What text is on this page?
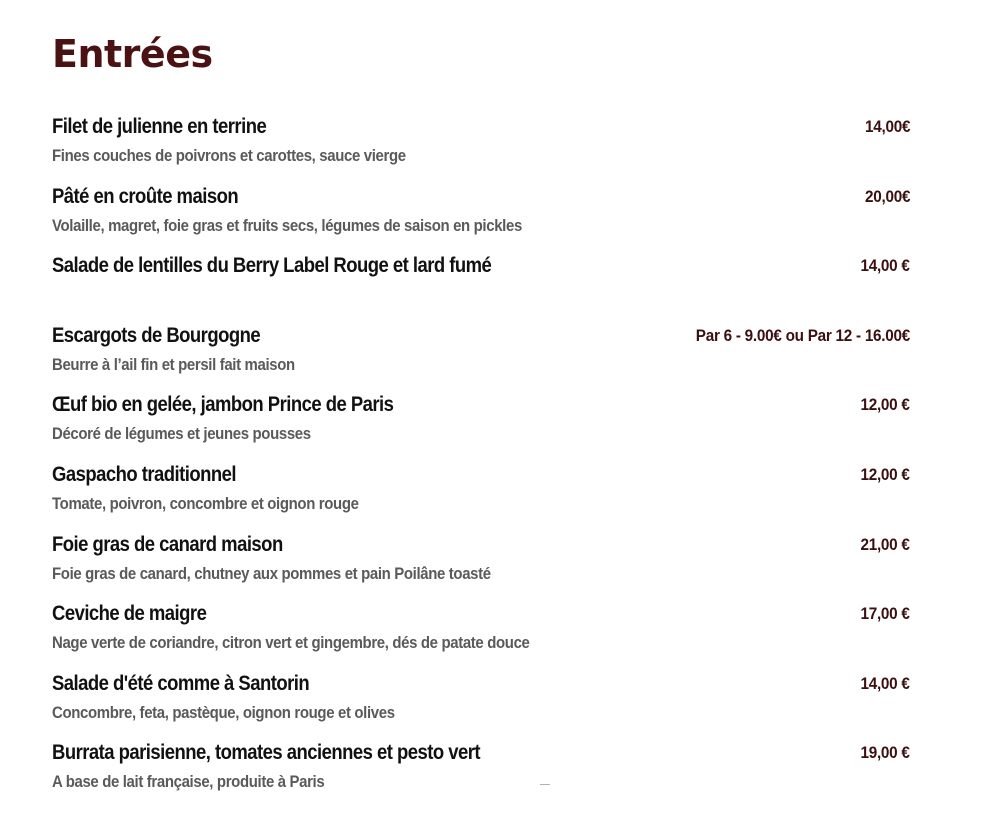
Entrées
Filet de julienne en terrine
Fines couches de poivrons et carottes, sauce vierge
14,00€
Pâté en croûte maison
Volaille, magret, foie gras et fruits secs, légumes de saison en pickles
20,00€
Salade de lentilles du Berry Label Rouge et lard fumé	14,00 €
Escargots de Bourgogne
Beurre à l’ail fin et persil fait maison
Par 6 - 9.00€ ou Par 12 - 16.00€
Œuf bio en gelée, jambon Prince de Paris
Décoré de légumes et jeunes pousses
12,00 €
Gaspacho traditionnel
Tomate, poivron, concombre et oignon rouge
12,00 €
Foie gras de canard maison
Foie gras de canard, chutney aux pommes et pain Poilâne toasté
21,00 €
Ceviche de maigre
Nage verte de coriandre, citron vert et gingembre, dés de patate douce
17,00 €
Salade d'été comme à Santorin
Concombre, feta, pastèque, oignon rouge et olives
14,00 €
Burrata parisienne, tomates anciennes et pesto vert
A base de lait française, produite à Paris
19,00 €
